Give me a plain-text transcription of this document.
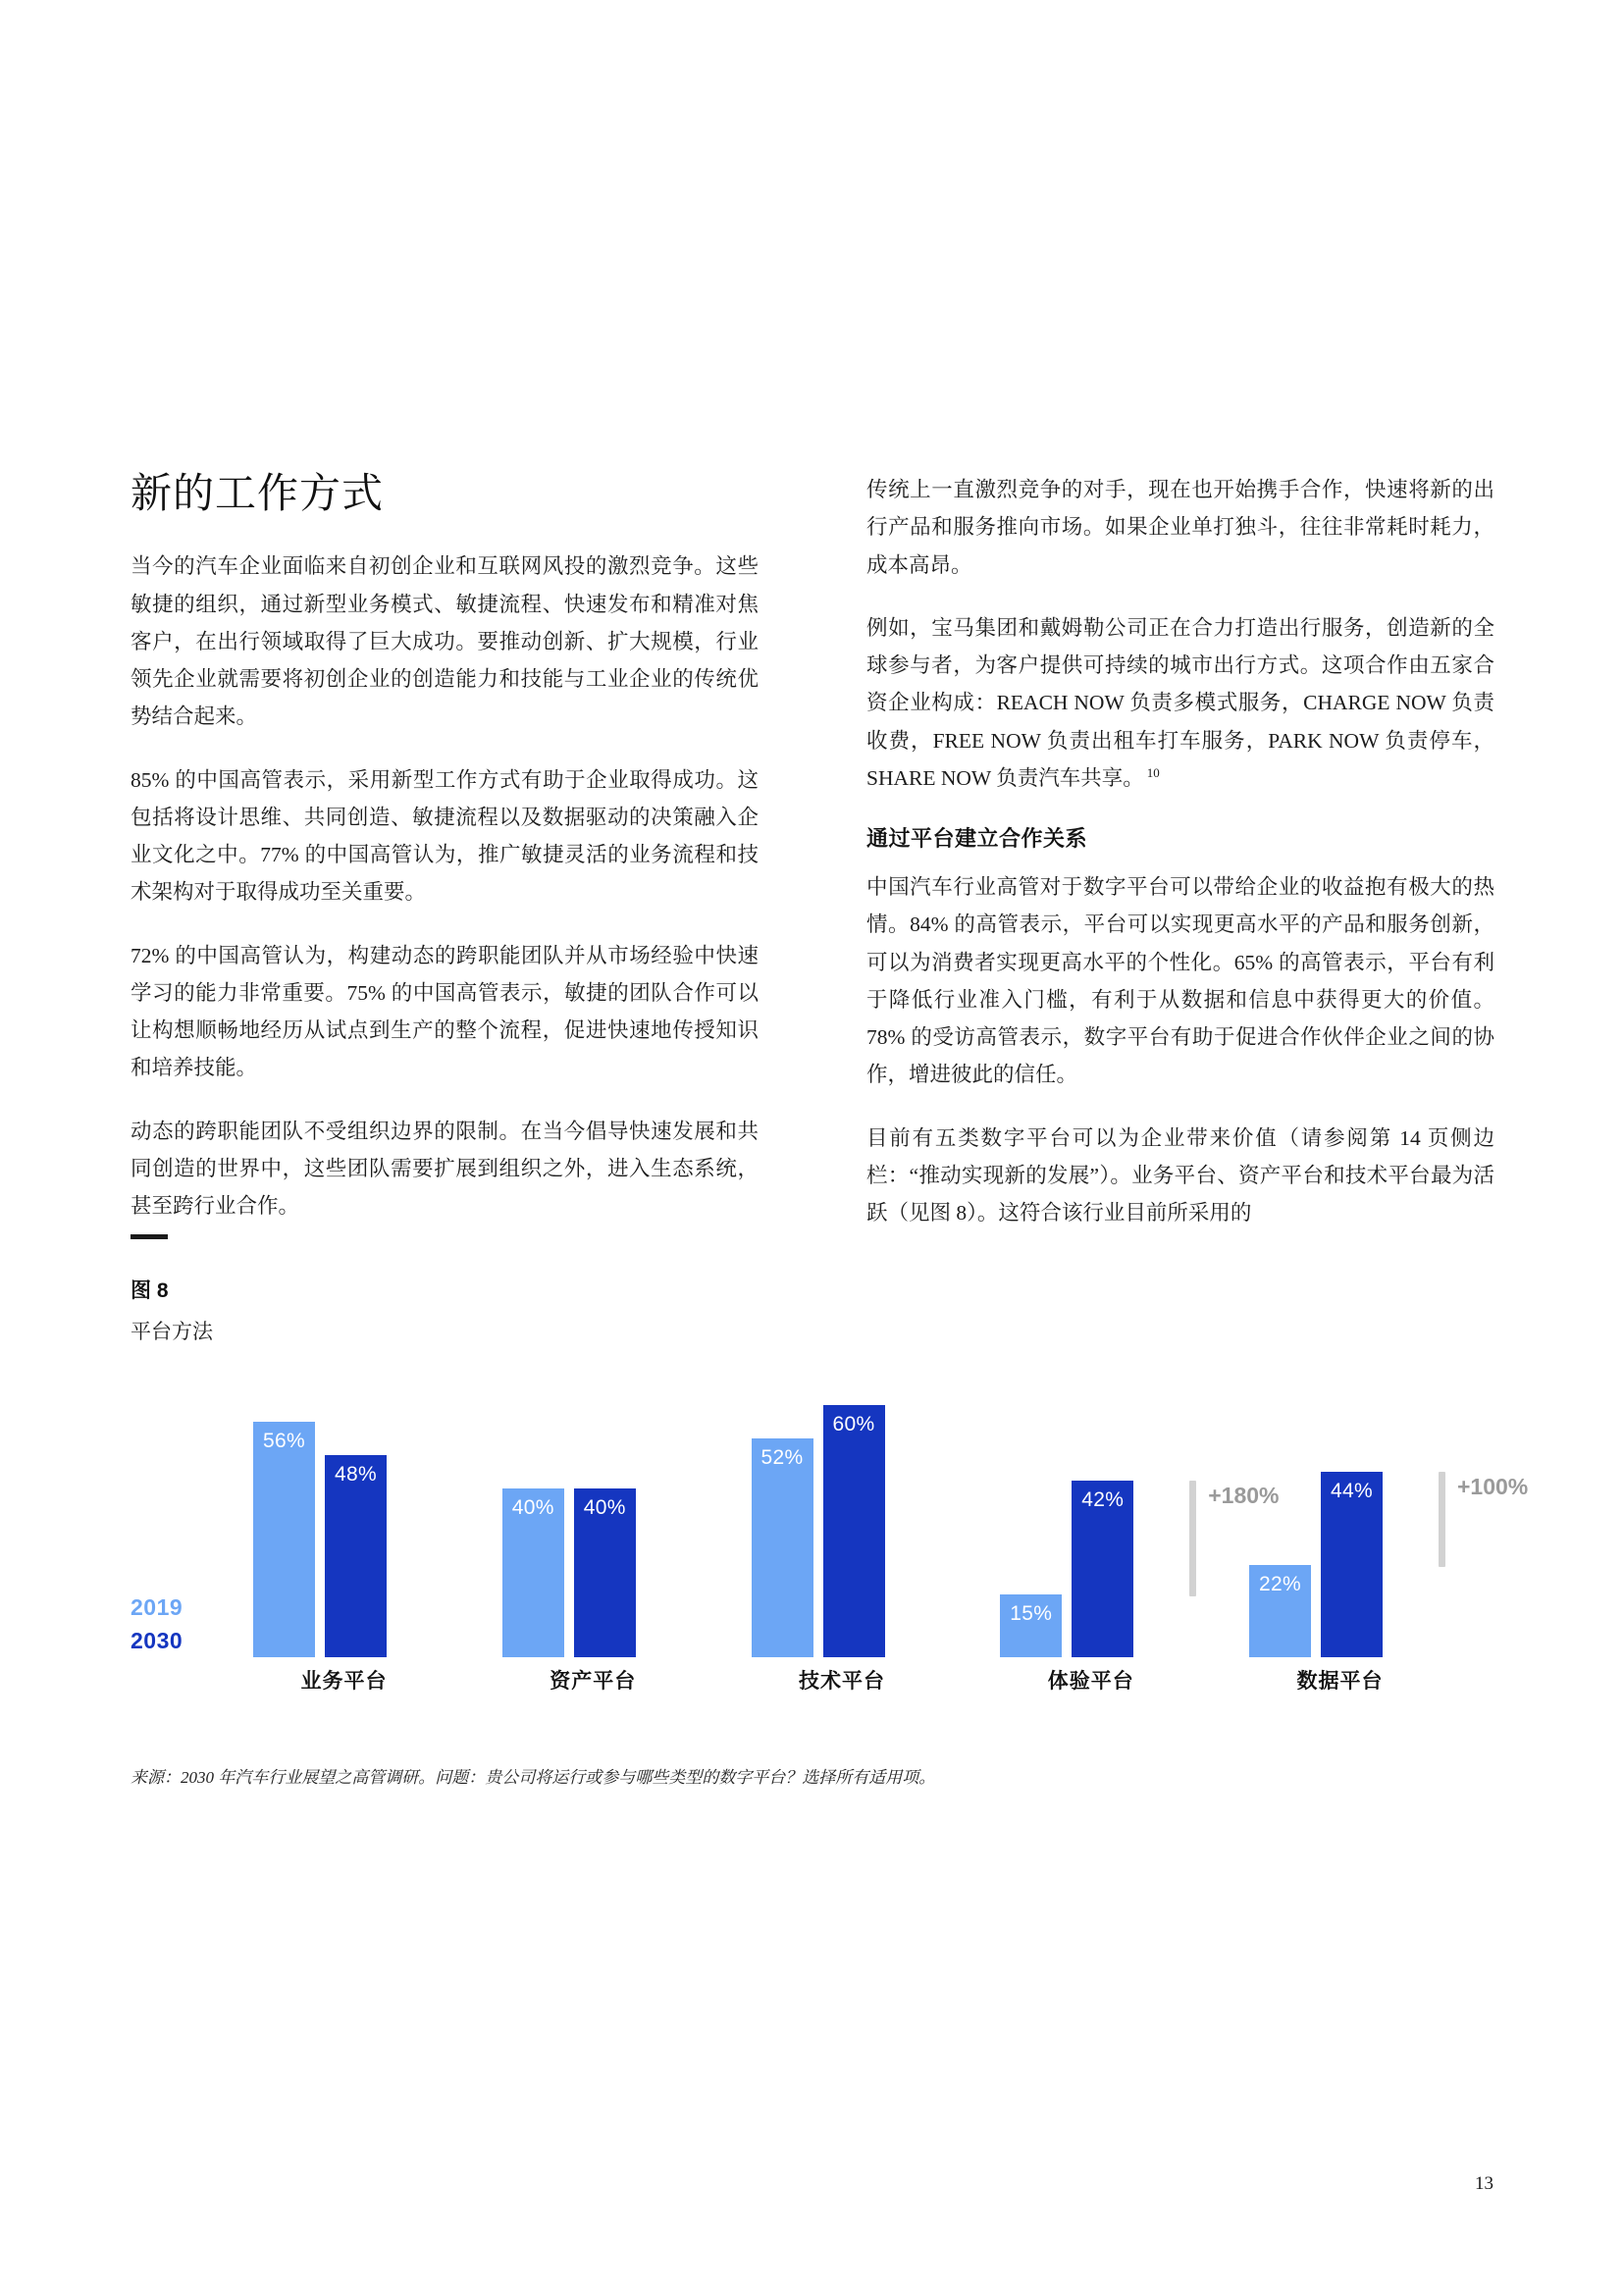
新的工作方式

当今的汽车企业面临来自初创企业和互联网风投的激烈竞争。这些敏捷的组织，通过新型业务模式、敏捷流程、快速发布和精准对焦客户，在出行领域取得了巨大成功。要推动创新、扩大规模，行业领先企业就需要将初创企业的创造能力和技能与工业企业的传统优势结合起来。

85% 的中国高管表示，采用新型工作方式有助于企业取得成功。这包括将设计思维、共同创造、敏捷流程以及数据驱动的决策融入企业文化之中。77% 的中国高管认为，推广敏捷灵活的业务流程和技术架构对于取得成功至关重要。

72% 的中国高管认为，构建动态的跨职能团队并从市场经验中快速学习的能力非常重要。75% 的中国高管表示，敏捷的团队合作可以让构想顺畅地经历从试点到生产的整个流程，促进快速地传授知识和培养技能。

动态的跨职能团队不受组织边界的限制。在当今倡导快速发展和共同创造的世界中，这些团队需要扩展到组织之外，进入生态系统，甚至跨行业合作。

传统上一直激烈竞争的对手，现在也开始携手合作，快速将新的出行产品和服务推向市场。如果企业单打独斗，往往非常耗时耗力，成本高昂。

例如，宝马集团和戴姆勒公司正在合力打造出行服务，创造新的全球参与者，为客户提供可持续的城市出行方式。这项合作由五家合资企业构成：REACH NOW 负责多模式服务，CHARGE NOW 负责收费，FREE NOW 负责出租车打车服务，PARK NOW 负责停车，SHARE NOW 负责汽车共享。 $^{10}$

通过平台建立合作关系

中国汽车行业高管对于数字平台可以带给企业的收益抱有极大的热情。84% 的高管表示，平台可以实现更高水平的产品和服务创新，可以为消费者实现更高水平的个性化。65% 的高管表示，平台有利于降低行业准入门槛，有利于从数据和信息中获得更大的价值。78% 的受访高管表示，数字平台有助于促进合作伙伴企业之间的协作，增进彼此的信任。

目前有五类数字平台可以为企业带来价值（请参阅第 14 页侧边栏：“推动实现新的发展”）。业务平台、资产平台和技术平台最为活跃（见图 8）。这符合该行业目前所采用的

图 8
平台方法
2019
2030
56%
48%
业务平台
40%	40%
资产平台
52%
60%
技术平台
15%
42%	+180%
体验平台
22%
44%	+100%
数据平台
来源：2030 年汽车行业展望之高管调研。问题：贵公司将运行或参与哪些类型的数字平台？选择所有适用项。
13
